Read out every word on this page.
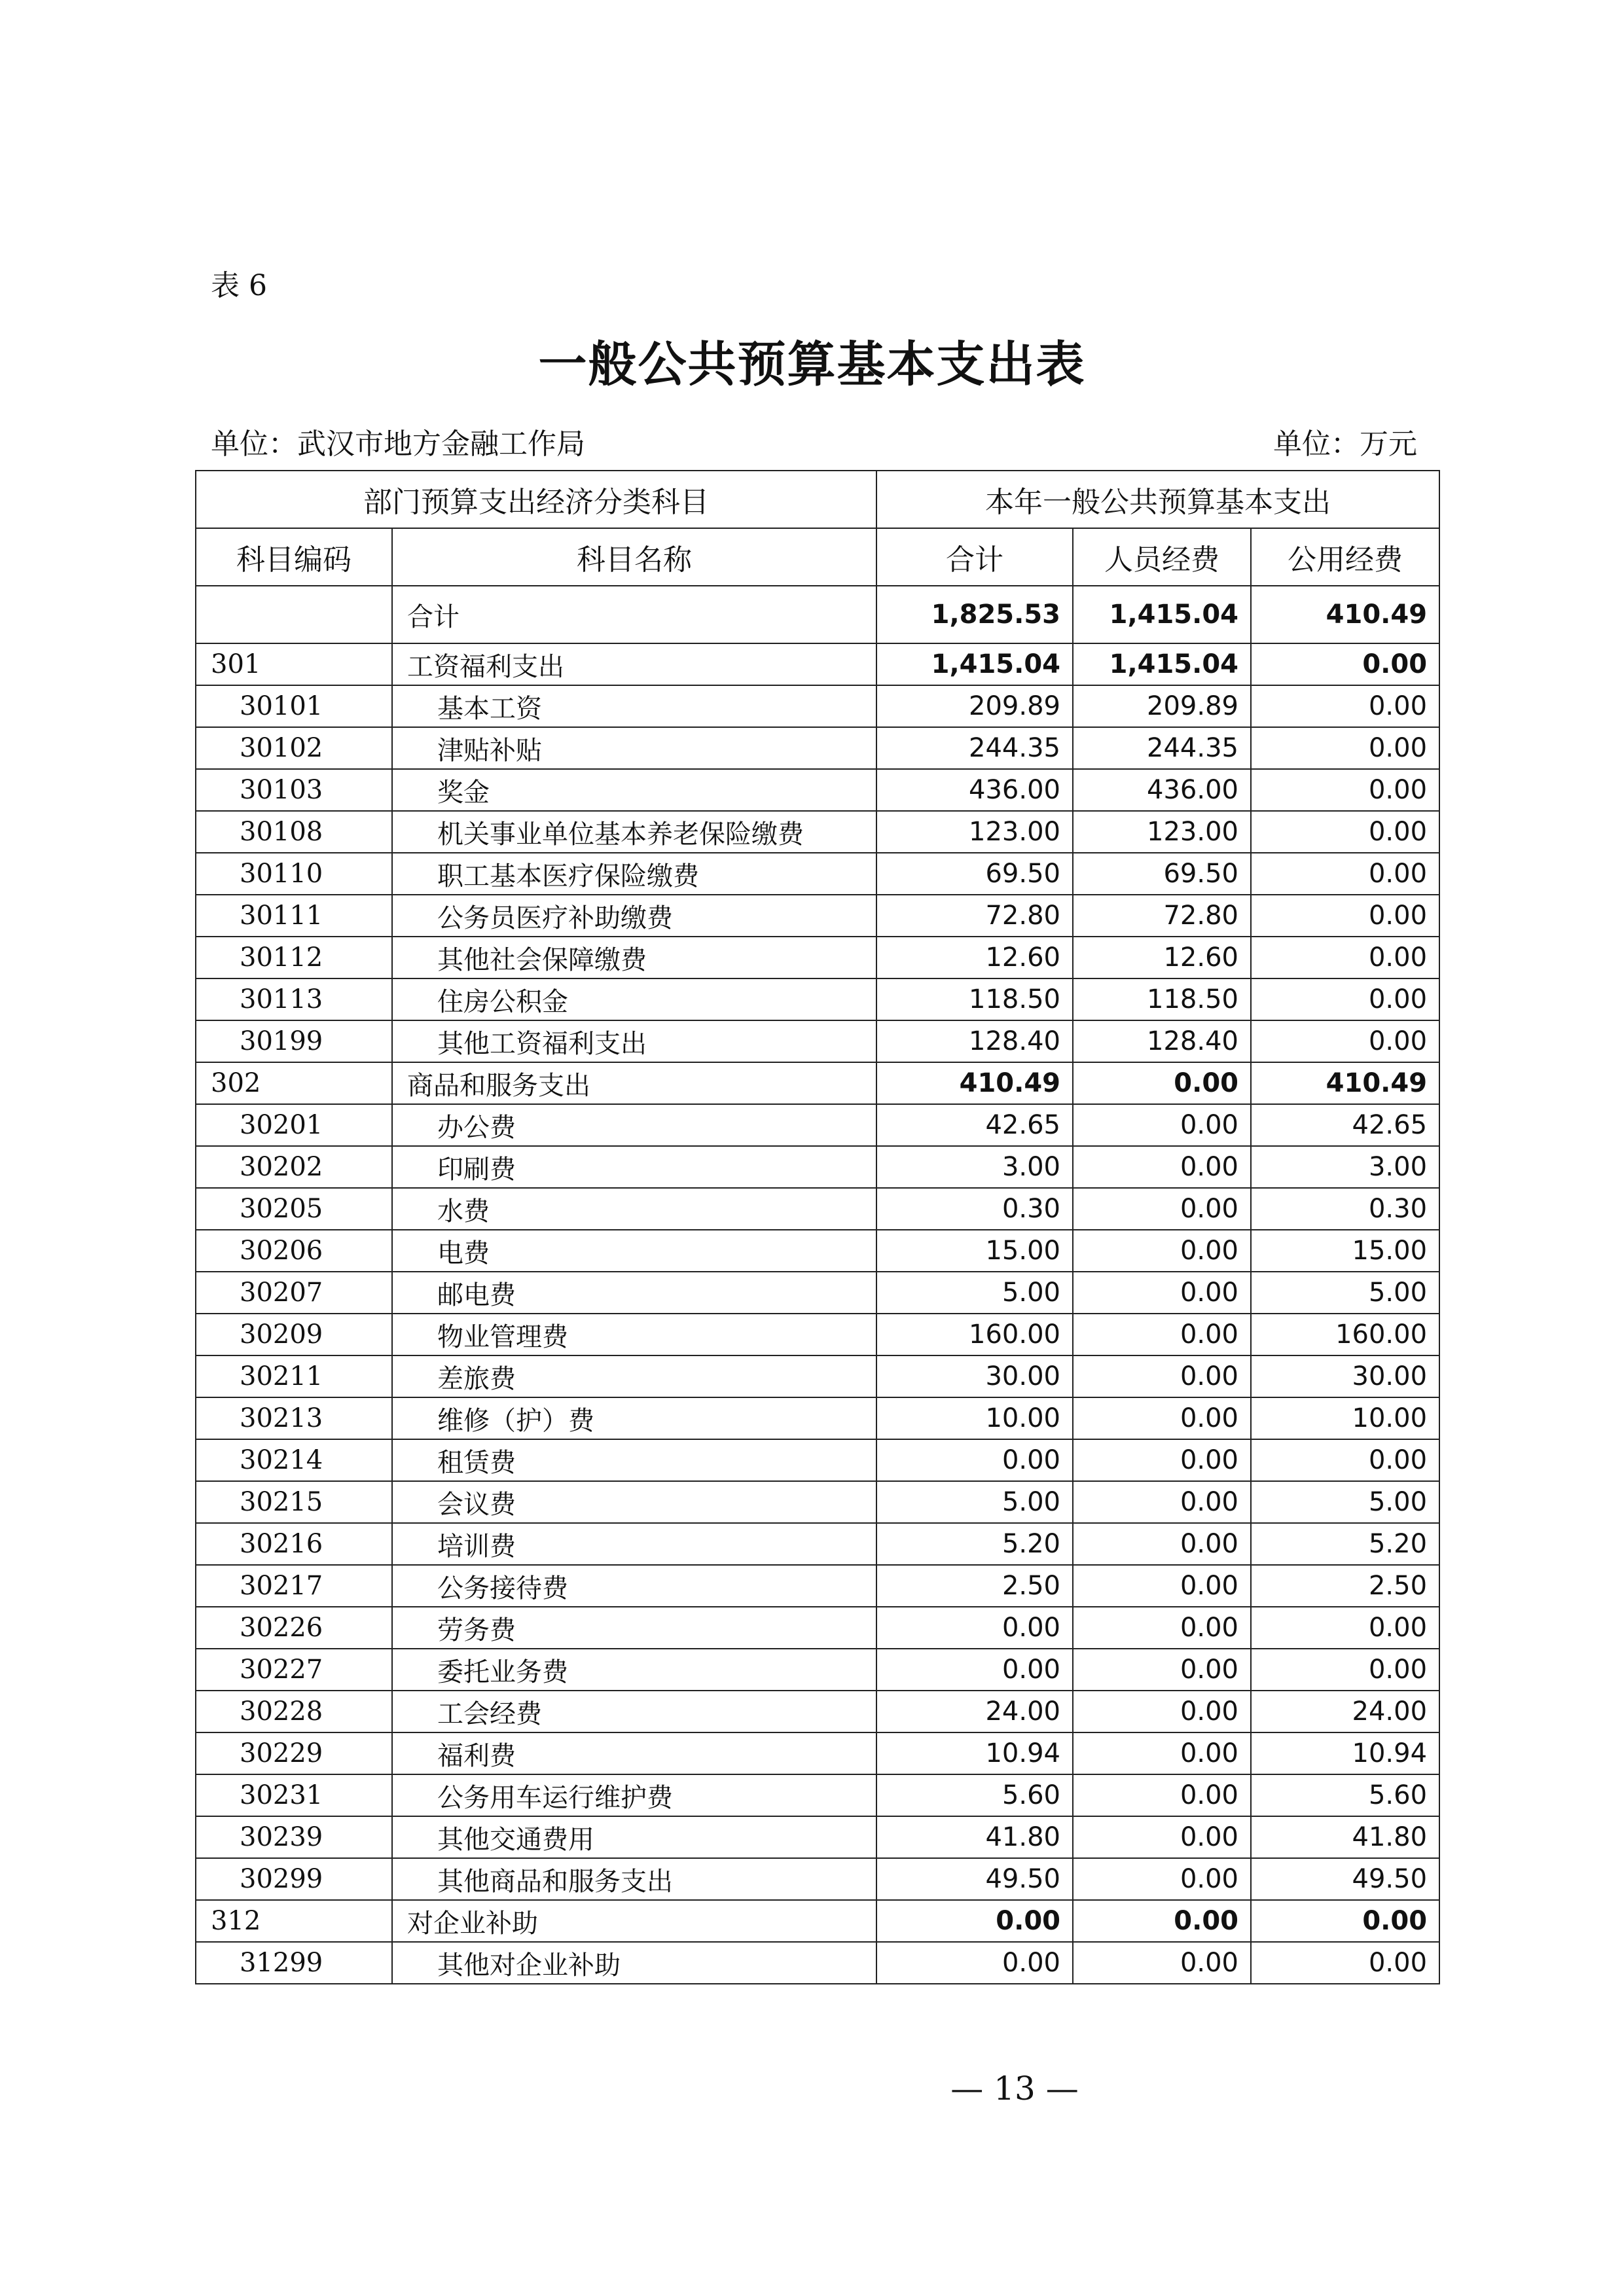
表 6
一般公共预算基本支出表
单位：武汉市地方金融工作局	单位：万元
部门预算支出经济分类科目		本年一般公共预算基本支出		
科目编码	科目名称	合计	人员经费	公用经费
	合计	1,825.53	1,415.04	410.49
301	工资福利支出	1,415.04	1,415.04	0.00
30101	基本工资	209.89	209.89	0.00
30102	津贴补贴	244.35	244.35	0.00
30103	奖金	436.00	436.00	0.00
30108	机关事业单位基本养老保险缴费	123.00	123.00	0.00
30110	职工基本医疗保险缴费	69.50	69.50	0.00
30111	公务员医疗补助缴费	72.80	72.80	0.00
30112	其他社会保障缴费	12.60	12.60	0.00
30113	住房公积金	118.50	118.50	0.00
30199	其他工资福利支出	128.40	128.40	0.00
302	商品和服务支出	410.49	0.00	410.49
30201	办公费	42.65	0.00	42.65
30202	印刷费	3.00	0.00	3.00
30205	水费	0.30	0.00	0.30
30206	电费	15.00	0.00	15.00
30207	邮电费	5.00	0.00	5.00
30209	物业管理费	160.00	0.00	160.00
30211	差旅费	30.00	0.00	30.00
30213	维修（护）费	10.00	0.00	10.00
30214	租赁费	0.00	0.00	0.00
30215	会议费	5.00	0.00	5.00
30216	培训费	5.20	0.00	5.20
30217	公务接待费	2.50	0.00	2.50
30226	劳务费	0.00	0.00	0.00
30227	委托业务费	0.00	0.00	0.00
30228	工会经费	24.00	0.00	24.00
30229	福利费	10.94	0.00	10.94
30231	公务用车运行维护费	5.60	0.00	5.60
30239	其他交通费用	41.80	0.00	41.80
30299	其他商品和服务支出	49.50	0.00	49.50
312	对企业补助	0.00	0.00	0.00
31299	其他对企业补助	0.00	0.00	0.00
— 13 —
